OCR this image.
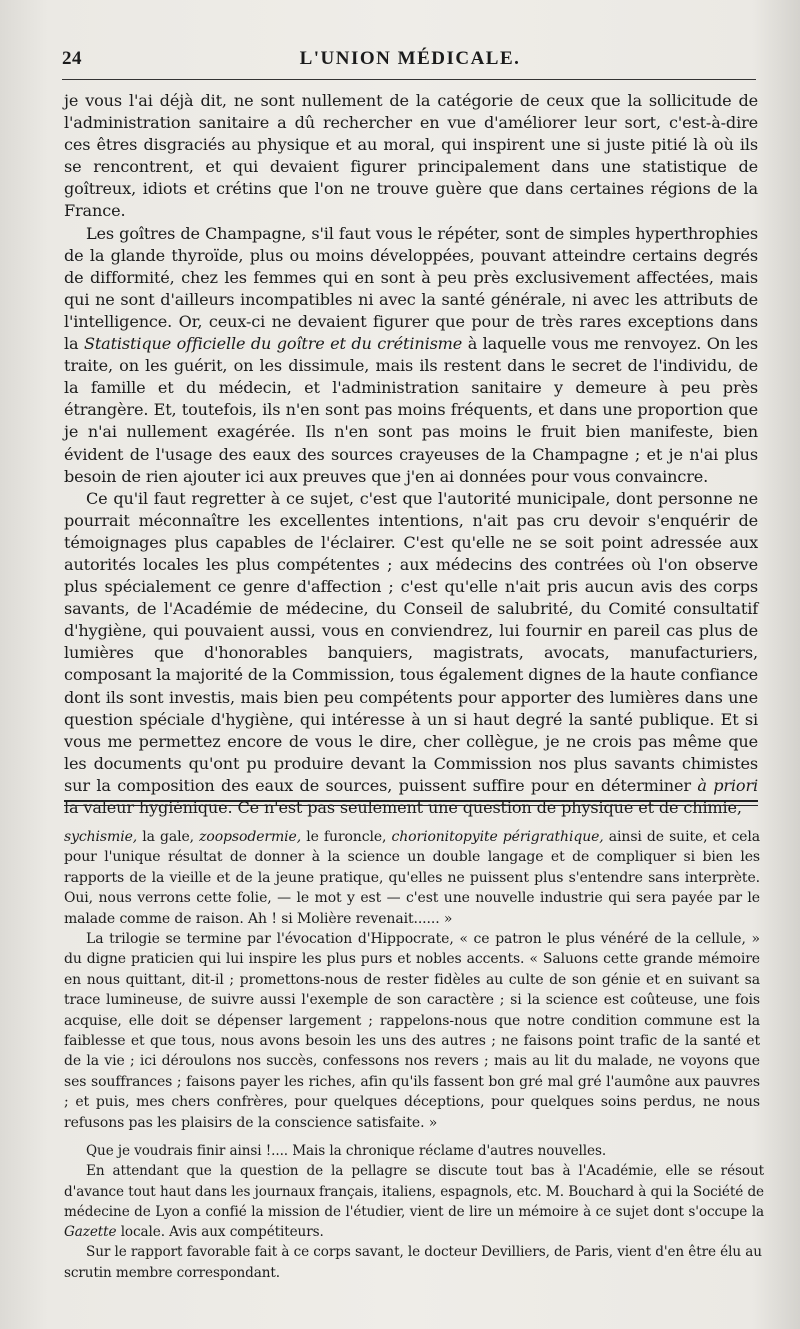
24	L'UNION MÉDICALE.

je vous l'ai déjà dit, ne sont nullement de la catégorie de ceux que la sollicitude de l'administration sanitaire a dû rechercher en vue d'améliorer leur sort, c'est-à-dire ces êtres disgraciés au physique et au moral, qui inspirent une si juste pitié là où ils se rencontrent, et qui devaient figurer principalement dans une statistique de goîtreux, idiots et crétins que l'on ne trouve guère que dans certaines régions de la France.

Les goîtres de Champagne, s'il faut vous le répéter, sont de simples hyperthrophies de la glande thyroïde, plus ou moins développées, pouvant atteindre certains degrés de difformité, chez les femmes qui en sont à peu près exclusivement affectées, mais qui ne sont d'ailleurs incompatibles ni avec la santé générale, ni avec les attributs de l'intelligence. Or, ceux-ci ne devaient figurer que pour de très rares exceptions dans la Statistique officielle du goître et du crétinisme à laquelle vous me renvoyez. On les traite, on les guérit, on les dissimule, mais ils restent dans le secret de l'individu, de la famille et du médecin, et l'administration sanitaire y demeure à peu près étrangère. Et, toutefois, ils n'en sont pas moins fréquents, et dans une proportion que je n'ai nullement exagérée. Ils n'en sont pas moins le fruit bien manifeste, bien évident de l'usage des eaux des sources crayeuses de la Champagne ; et je n'ai plus besoin de rien ajouter ici aux preuves que j'en ai données pour vous convaincre.

Ce qu'il faut regretter à ce sujet, c'est que l'autorité municipale, dont personne ne pourrait méconnaître les excellentes intentions, n'ait pas cru devoir s'enquérir de témoignages plus capables de l'éclairer. C'est qu'elle ne se soit point adressée aux autorités locales les plus compétentes ; aux médecins des contrées où l'on observe plus spécialement ce genre d'affection ; c'est qu'elle n'ait pris aucun avis des corps savants, de l'Académie de médecine, du Conseil de salubrité, du Comité consultatif d'hygiène, qui pouvaient aussi, vous en conviendrez, lui fournir en pareil cas plus de lumières que d'honorables banquiers, magistrats, avocats, manufacturiers, composant la majorité de la Commission, tous également dignes de la haute confiance dont ils sont investis, mais bien peu compétents pour apporter des lumières dans une question spéciale d'hygiène, qui intéresse à un si haut degré la santé publique. Et si vous me permettez encore de vous le dire, cher collègue, je ne crois pas même que les documents qu'ont pu produire devant la Commission nos plus savants chimistes sur la composition des eaux de sources, puissent suffire pour en déterminer à priori la valeur hygiénique. Ce n'est pas seulement une question de physique et de chimie,

sychismie, la gale, zoopsodermie, le furoncle, chorionitopyite périgrathique, ainsi de suite, et cela pour l'unique résultat de donner à la science un double langage et de compliquer si bien les rapports de la vieille et de la jeune pratique, qu'elles ne puissent plus s'entendre sans interprète. Oui, nous verrons cette folie, — le mot y est — c'est une nouvelle industrie qui sera payée par le malade comme de raison. Ah ! si Molière revenait...... »

La trilogie se termine par l'évocation d'Hippocrate, « ce patron le plus vénéré de la cellule, » du digne praticien qui lui inspire les plus purs et nobles accents. « Saluons cette grande mémoire en nous quittant, dit-il ; promettons-nous de rester fidèles au culte de son génie et en suivant sa trace lumineuse, de suivre aussi l'exemple de son caractère ; si la science est coûteuse, une fois acquise, elle doit se dépenser largement ; rappelons-nous que notre condition commune est la faiblesse et que tous, nous avons besoin les uns des autres ; ne faisons point trafic de la santé et de la vie ; ici déroulons nos succès, confessons nos revers ; mais au lit du malade, ne voyons que ses souffrances ; faisons payer les riches, afin qu'ils fassent bon gré mal gré l'aumône aux pauvres ; et puis, mes chers confrères, pour quelques déceptions, pour quelques soins perdus, ne nous refusons pas les plaisirs de la conscience satisfaite. »

Que je voudrais finir ainsi !.... Mais la chronique réclame d'autres nouvelles.

En attendant que la question de la pellagre se discute tout bas à l'Académie, elle se résout d'avance tout haut dans les journaux français, italiens, espagnols, etc. M. Bouchard à qui la Société de médecine de Lyon a confié la mission de l'étudier, vient de lire un mémoire à ce sujet dont s'occupe la Gazette locale. Avis aux compétiteurs.

Sur le rapport favorable fait à ce corps savant, le docteur Devilliers, de Paris, vient d'en être élu au scrutin membre correspondant.
